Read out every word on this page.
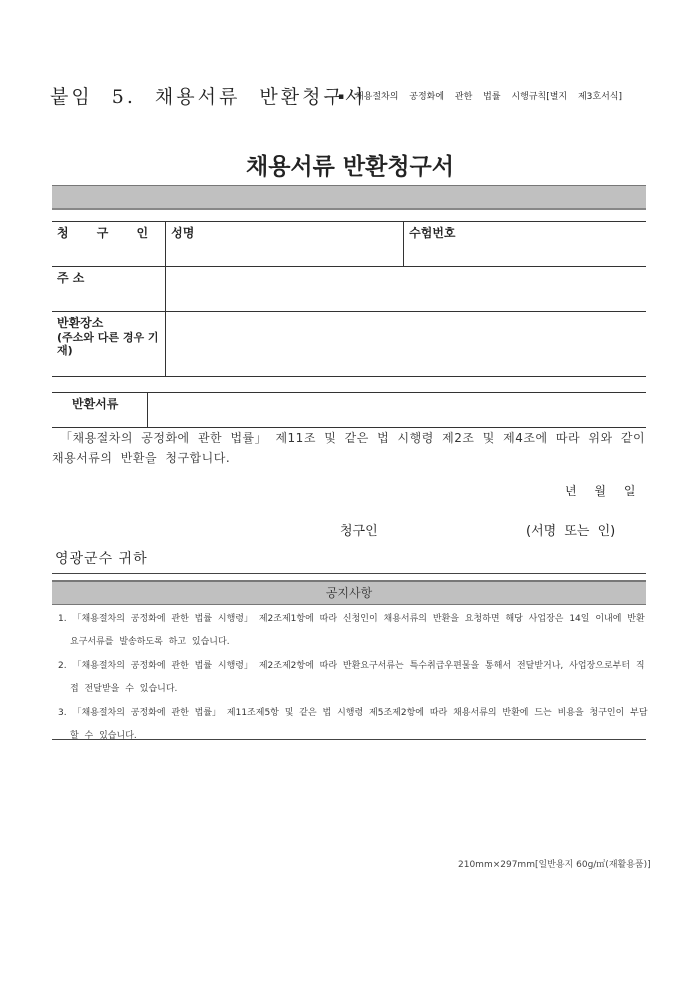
붙임 5. 채용서류 반환청구서
▪ 채용절차의 공정화에 관한 법률 시행규칙[별지 제3호서식]
채용서류 반환청구서
청 구 인	성명	수험번호
주 소		

반환장소
(주소와 다른 경우 기재)		

반환서류	
「채용절차의 공정화에 관한 법률」 제11조 및 같은 법 시행령 제2조 및 제4조에 따라 위와 같이 채용서류의 반환을 청구합니다.
년 월 일
청구인	(서명 또는 인)
영광군수 귀하
공지사항
1. 「채용절차의 공정화에 관한 법률 시행령」 제2조제1항에 따라 신청인이 채용서류의 반환을 요청하면 해당 사업장은 14일 이내에 반환요구서류를 발송하도록 하고 있습니다.
2. 「채용절차의 공정화에 관한 법률 시행령」 제2조제2항에 따라 반환요구서류는 특수취급우편물을 통해서 전달받거나, 사업장으로부터 직접 전달받을 수 있습니다.
3. 「채용절차의 공정화에 관한 법률」 제11조제5항 및 같은 법 시행령 제5조제2항에 따라 채용서류의 반환에 드는 비용을 청구인이 부담할 수 있습니다.
210mm×297mm[일반용지 60g/㎡(재활용품)]
